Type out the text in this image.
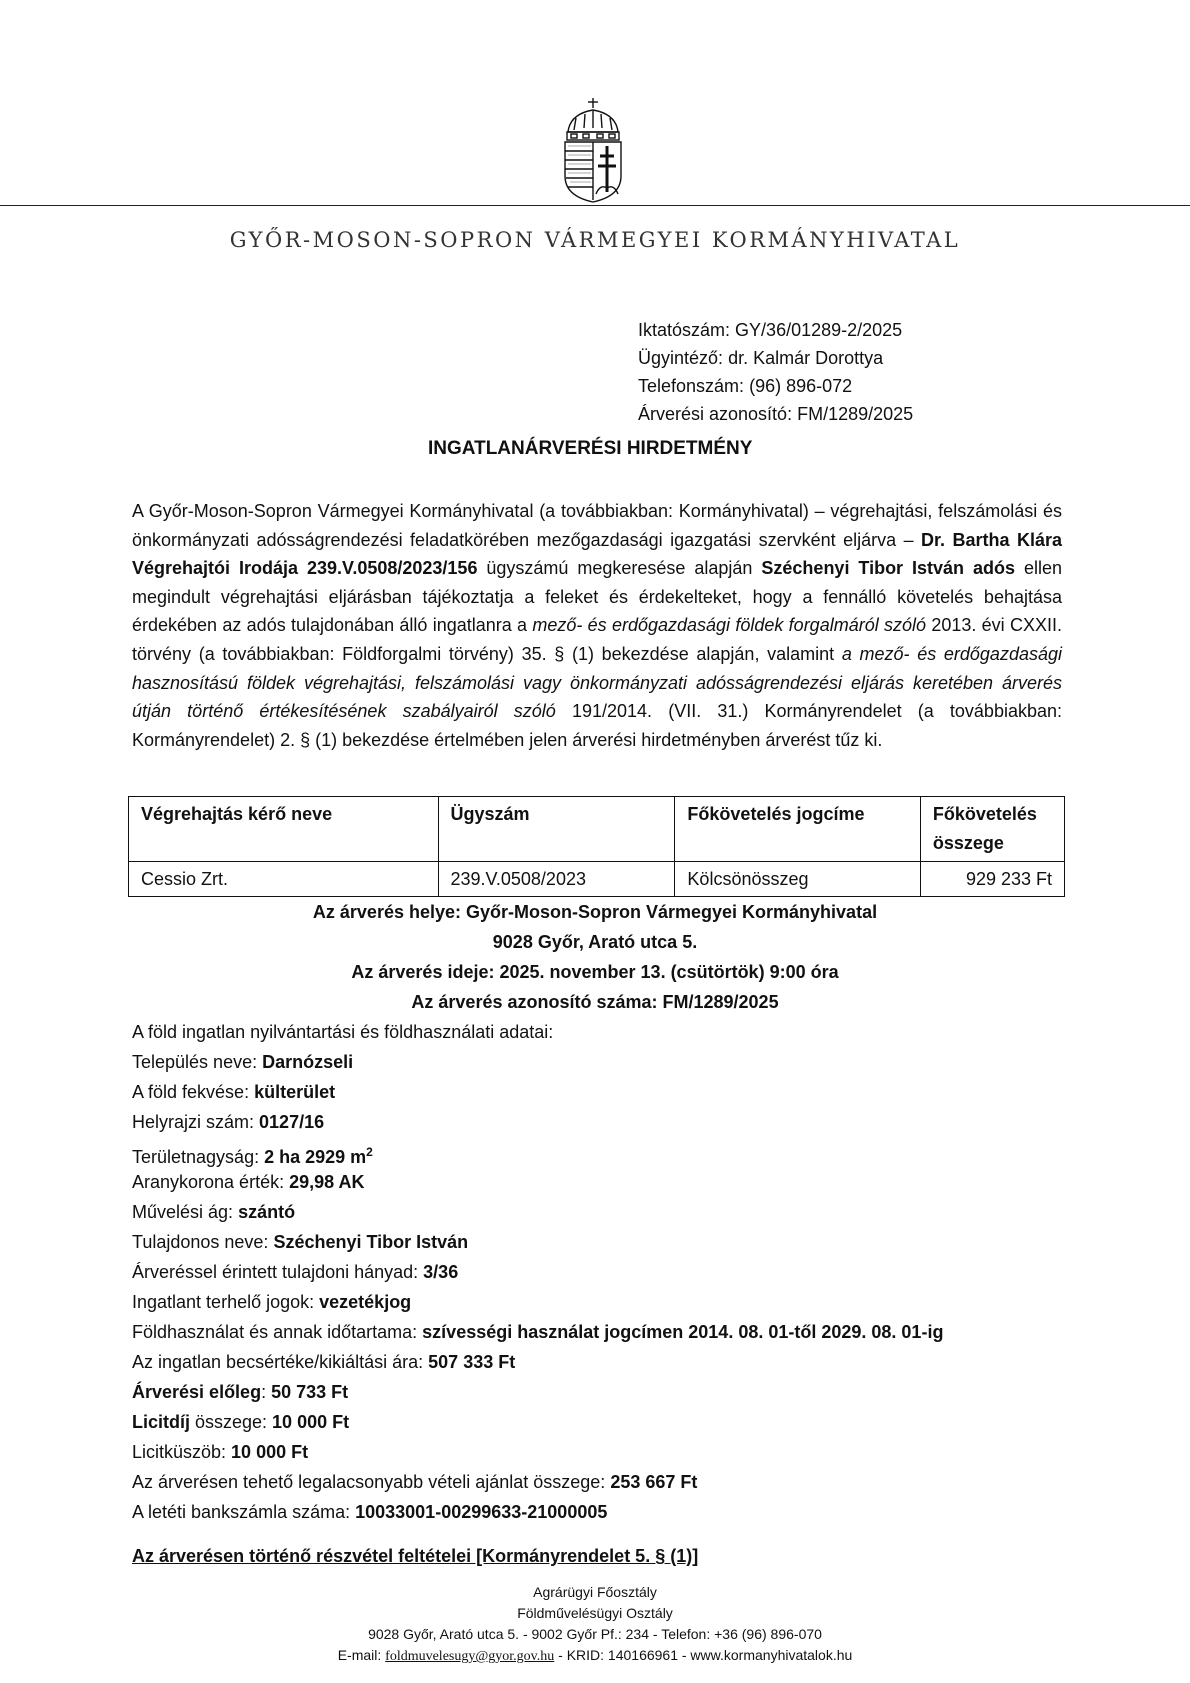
GYŐR-MOSON-SOPRON VÁRMEGYEI KORMÁNYHIVATAL
Iktatószám: GY/36/01289-2/2025
Ügyintéző: dr. Kalmár Dorottya
Telefonszám: (96) 896-072
Árverési azonosító: FM/1289/2025
INGATLANÁRVERÉSI HIRDETMÉNY
A Győr-Moson-Sopron Vármegyei Kormányhivatal (a továbbiakban: Kormányhivatal) – végrehajtási, felszámolási és önkormányzati adósságrendezési feladatkörében mezőgazdasági igazgatási szervként eljárva – Dr. Bartha Klára Végrehajtói Irodája 239.V.0508/2023/156 ügyszámú megkeresése alapján Széchenyi Tibor István adós ellen megindult végrehajtási eljárásban tájékoztatja a feleket és érdekelteket, hogy a fennálló követelés behajtása érdekében az adós tulajdonában álló ingatlanra a mező- és erdőgazdasági földek forgalmáról szóló 2013. évi CXXII. törvény (a továbbiakban: Földforgalmi törvény) 35. § (1) bekezdése alapján, valamint a mező- és erdőgazdasági hasznosítású földek végrehajtási, felszámolási vagy önkormányzati adósságrendezési eljárás keretében árverés útján történő értékesítésének szabályairól szóló 191/2014. (VII. 31.) Kormányrendelet (a továbbiakban: Kormányrendelet) 2. § (1) bekezdése értelmében jelen árverési hirdetményben árverést tűz ki.
Végrehajtás kérő neve	Ügyszám	Főkövetelés jogcíme	Főkövetelés összege
Cessio Zrt.	239.V.0508/2023	Kölcsönösszeg	929 233 Ft
Az árverés helye: Győr-Moson-Sopron Vármegyei Kormányhivatal
9028 Győr, Arató utca 5.
Az árverés ideje: 2025. november 13. (csütörtök) 9:00 óra
Az árverés azonosító száma: FM/1289/2025
A föld ingatlan nyilvántartási és földhasználati adatai:
Település neve: Darnózseli
A föld fekvése: külterület
Helyrajzi szám: 0127/16
Területnagyság: 2 ha 2929 $m^2$
Aranykorona érték: 29,98 AK
Művelési ág: szántó
Tulajdonos neve: Széchenyi Tibor István
Árveréssel érintett tulajdoni hányad: 3/36
Ingatlant terhelő jogok: vezetékjog
Földhasználat és annak időtartama: szívességi használat jogcímen 2014. 08. 01-től 2029. 08. 01-ig
Az ingatlan becsértéke/kikiáltási ára: 507 333 Ft
Árverési előleg: 50 733 Ft
Licitdíj összege: 10 000 Ft
Licitküszöb: 10 000 Ft
Az árverésen tehető legalacsonyabb vételi ajánlat összege: 253 667 Ft
A letéti bankszámla száma: 10033001-00299633-21000005
Az árverésen történő részvétel feltételei [Kormányrendelet 5. § (1)]
Agrárügyi Főosztály
Földművelésügyi Osztály
9028 Győr, Arató utca 5. - 9002 Győr Pf.: 234 - Telefon: +36 (96) 896-070
E-mail: foldmuvelesugy@gyor.gov.hu - KRID: 140166961 - www.kormanyhivatalok.hu
